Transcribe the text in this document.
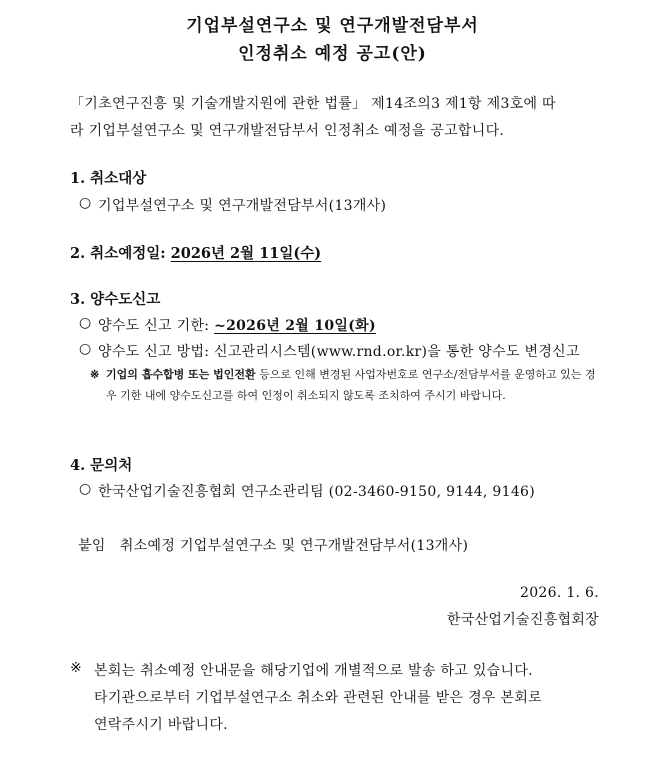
기업부설연구소 및 연구개발전담부서
인정취소 예정 공고(안)
「기초연구진흥 및 기술개발지원에 관한 법률」 제14조의3 제1항 제3호에 따
라 기업부설연구소 및 연구개발전담부서 인정취소 예정을 공고합니다.
1. 취소대상
○ 기업부설연구소 및 연구개발전담부서(13개사)
2. 취소예정일: 2026년 2월 11일(수)
3. 양수도신고
○ 양수도 신고 기한: ~2026년 2월 10일(화)
○ 양수도 신고 방법: 신고관리시스템(www.rnd.or.kr)을 통한 양수도 변경신고
※ 기업의 흡수합병 또는 법인전환 등으로 인해 변경된 사업자번호로 연구소/전담부서를 운영하고 있는 경우 기한 내에 양수도신고를 하여 인정이 취소되지 않도록 조치하여 주시기 바랍니다.
4. 문의처
○ 한국산업기술진흥협회 연구소관리팀 (02-3460-9150, 9144, 9146)
붙임   취소예정 기업부설연구소 및 연구개발전담부서(13개사)
2026. 1. 6.
한국산업기술진흥협회장
※ 본회는 취소예정 안내문을 해당기업에 개별적으로 발송 하고 있습니다.
타기관으로부터 기업부설연구소 취소와 관련된 안내를 받은 경우 본회로
연락주시기 바랍니다.
